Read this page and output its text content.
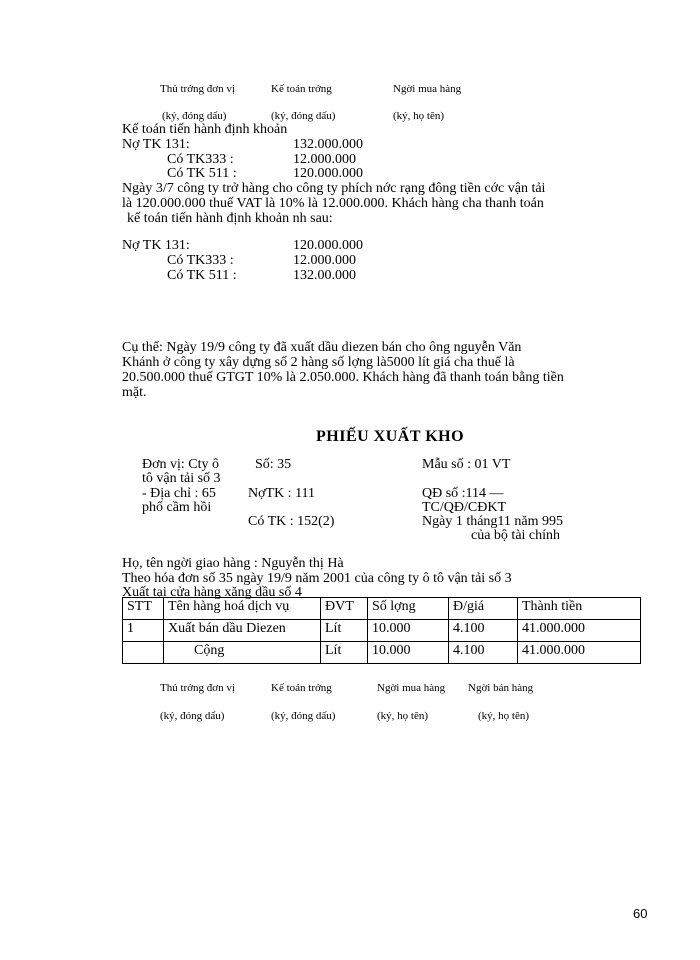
Thủ trởng đơn vị	Kế toán trởng	Ngời mua hàng
(ký, đóng dấu)	(ký, đóng dấu)	(ký, họ tên)
Kế toán tiến hành định khoản
Nợ TK 131:	132.000.000
Có TK333 :	12.000.000
Có TK 511 :	120.000.000
Ngày 3/7 công ty trở hàng cho công ty phích nớc rạng đông tiền cớc vận tải
là 120.000.000 thuế VAT là 10% là 12.000.000. Khách hàng cha thanh toán
kế toán tiến hành định khoản nh sau:
Nợ TK 131:	120.000.000
Có TK333 :	12.000.000
Có TK 511 :	132.00.000
Cụ thể: Ngày 19/9 công ty đã xuất dầu diezen bán cho ông nguyễn Văn
Khánh ở công ty xây dựng số 2 hàng số lợng là5000 lít giá cha thuế là
20.500.000 thuế GTGT 10% là 2.050.000. Khách hàng đã thanh toán bằng tiền
mặt.
PHIẾU XUẤT KHO
Đơn vị: Cty ô
tô vận tải số 3
Số: 35	Mẫu số : 01 VT
- Địa chỉ : 65
phố cầm hồi
NợTK : 111	QĐ số :114 —
TC/QĐ/CĐKT
Có TK : 152(2)	Ngày 1 tháng11 năm 995
của bộ tài chính
Họ, tên ngời giao hàng : Nguyễn thị Hà
Theo hóa đơn số 35 ngày 19/9 năm 2001 của công ty ô tô vận tải số 3
Xuất tại cửa hàng xăng dầu số 4
STT	Tên hàng hoá dịch vụ	ĐVT	Số lợng	Đ/giá	Thành tiền
1	Xuất bán dầu Diezen	Lít	10.000	4.100	41.000.000
	Cộng	Lít	10.000	4.100	41.000.000
Thủ trởng đơn vị	Kế toán trởng	Ngời mua hàng	Ngời bán hàng
(ký, đóng dấu)	(ký, đóng dấu)	(ký, họ tên)	(ký, họ tên)
60
